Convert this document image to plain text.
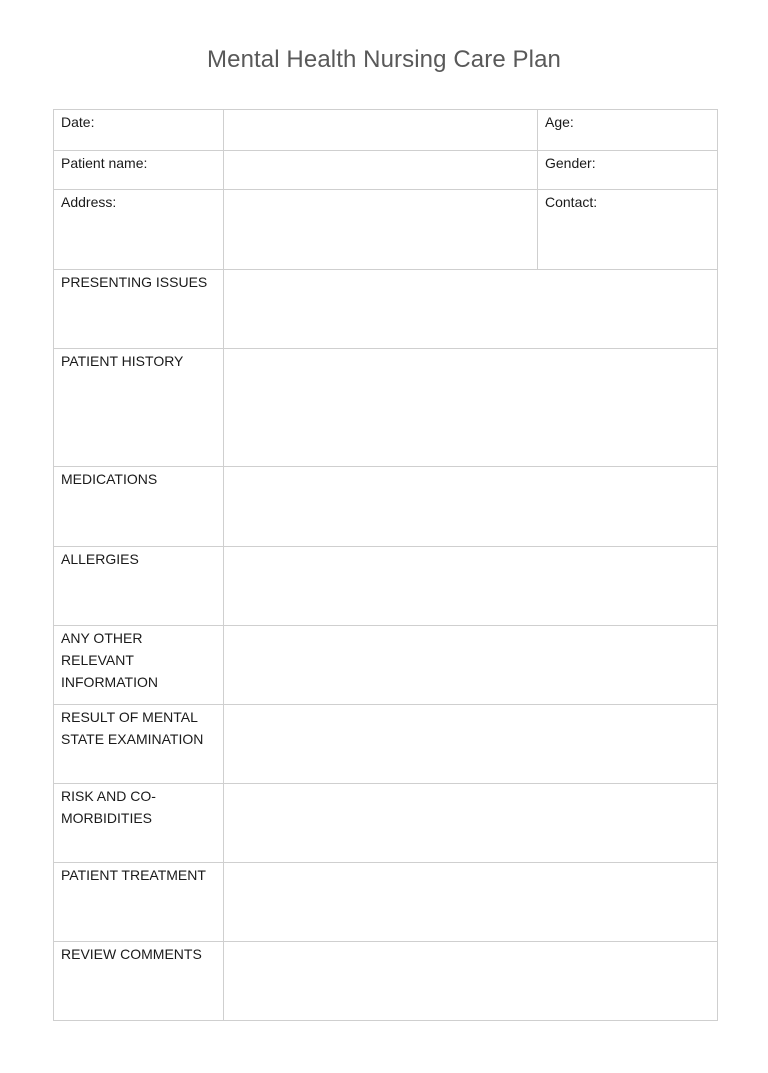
Mental Health Nursing Care Plan
Date:		Age:

Patient name:		Gender:

Address:		Contact:

PRESENTING ISSUES

PATIENT HISTORY

MEDICATIONS

ALLERGIES

ANY OTHER RELEVANT INFORMATION

RESULT OF MENTAL STATE EXAMINATION

RISK AND CO-MORBIDITIES

PATIENT TREATMENT

REVIEW COMMENTS
